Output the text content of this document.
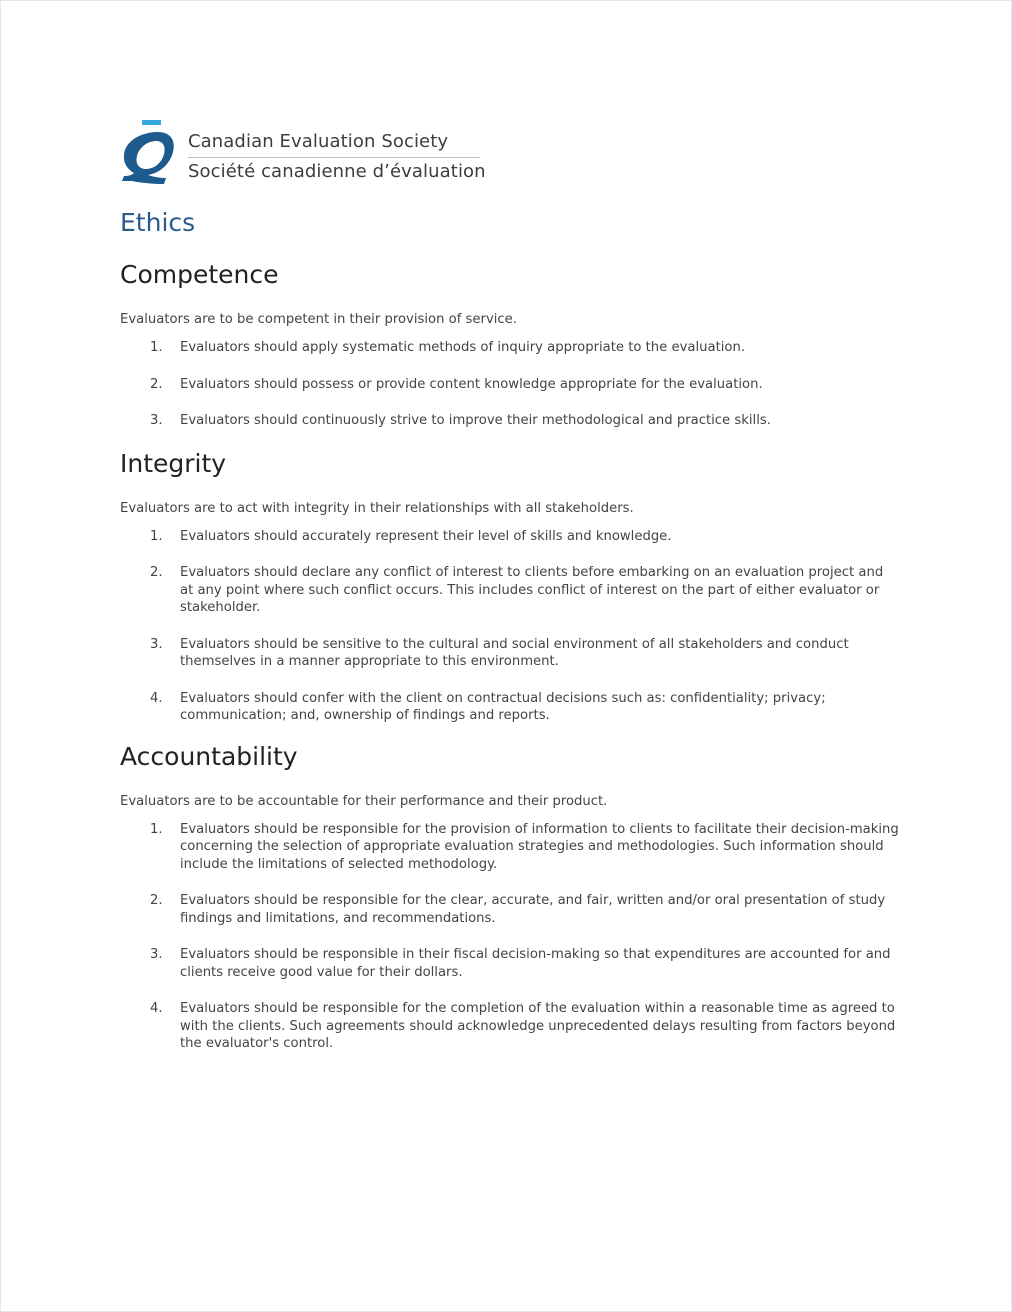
Canadian Evaluation Society
Société canadienne d’évaluation
Ethics
Competence

Evaluators are to be competent in their provision of service.

1. Evaluators should apply systematic methods of inquiry appropriate to the evaluation.
2. Evaluators should possess or provide content knowledge appropriate for the evaluation.
3. Evaluators should continuously strive to improve their methodological and practice skills.
Integrity

Evaluators are to act with integrity in their relationships with all stakeholders.

1. Evaluators should accurately represent their level of skills and knowledge.
2. Evaluators should declare any conflict of interest to clients before embarking on an evaluation project and at any point where such conflict occurs. This includes conflict of interest on the part of either evaluator or stakeholder.
3. Evaluators should be sensitive to the cultural and social environment of all stakeholders and conduct themselves in a manner appropriate to this environment.
4. Evaluators should confer with the client on contractual decisions such as: confidentiality; privacy; communication; and, ownership of findings and reports.
Accountability

Evaluators are to be accountable for their performance and their product.

1. Evaluators should be responsible for the provision of information to clients to facilitate their decision-making concerning the selection of appropriate evaluation strategies and methodologies. Such information should include the limitations of selected methodology.
2. Evaluators should be responsible for the clear, accurate, and fair, written and/or oral presentation of study findings and limitations, and recommendations.
3. Evaluators should be responsible in their fiscal decision-making so that expenditures are accounted for and clients receive good value for their dollars.
4. Evaluators should be responsible for the completion of the evaluation within a reasonable time as agreed to with the clients. Such agreements should acknowledge unprecedented delays resulting from factors beyond the evaluator's control.
